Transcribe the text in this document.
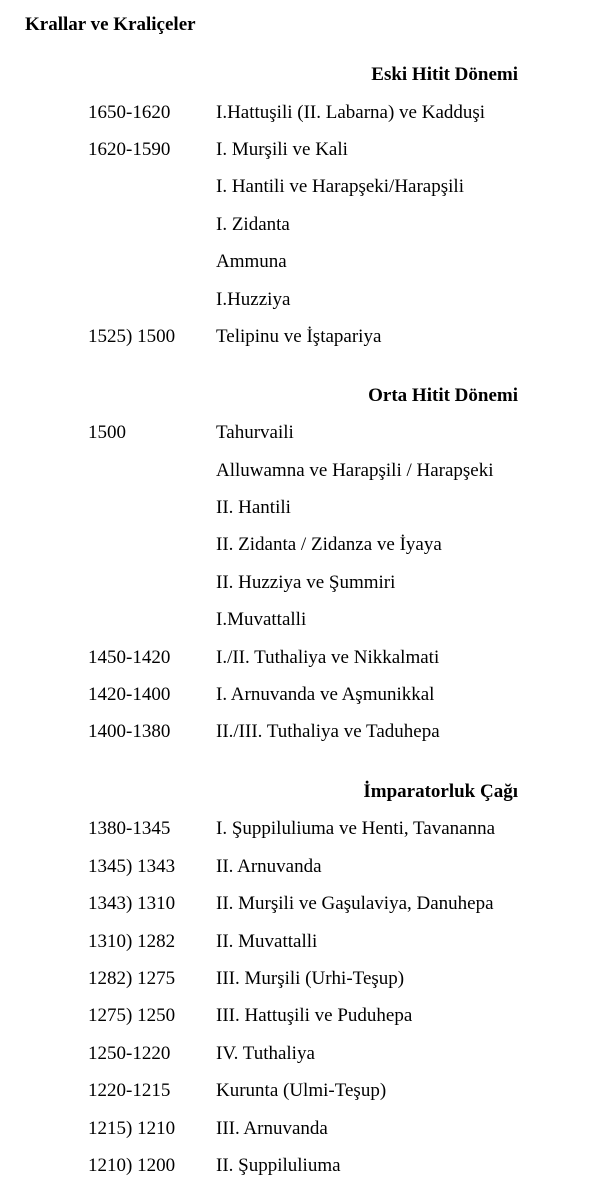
Krallar ve Kraliçeler
Eski Hitit Dönemi
1650-1620 I.Hattuşili (II. Labarna) ve Kadduşi
1620-1590 I. Murşili ve Kali
I. Hantili ve Harapşeki/Harapşili
I. Zidanta
Ammuna
I.Huzziya
1525) 1500 Telipinu ve İştapariya
Orta Hitit Dönemi
1500	Tahurvaili
Alluwamna ve Harapşili / Harapşeki
II. Hantili
II. Zidanta / Zidanza ve İyaya
II. Huzziya ve Şummiri
I.Muvattalli
1450-1420 I./II. Tuthaliya ve Nikkalmati
1420-1400 I. Arnuvanda ve Aşmunikkal
1400-1380 II./III. Tuthaliya ve Taduhepa
İmparatorluk Çağı
1380-1345 I. Şuppiluliuma ve Henti, Tavananna
1345) 1343 II. Arnuvanda
1343) 1310 II. Murşili ve Gaşulaviya, Danuhepa
1310) 1282 II. Muvattalli
1282) 1275 III. Murşili (Urhi-Teşup)
1275) 1250 III. Hattuşili ve Puduhepa
1250-1220 IV. Tuthaliya
1220-1215 Kurunta (Ulmi-Teşup)
1215) 1210 III. Arnuvanda
1210) 1200 II. Şuppiluliuma
